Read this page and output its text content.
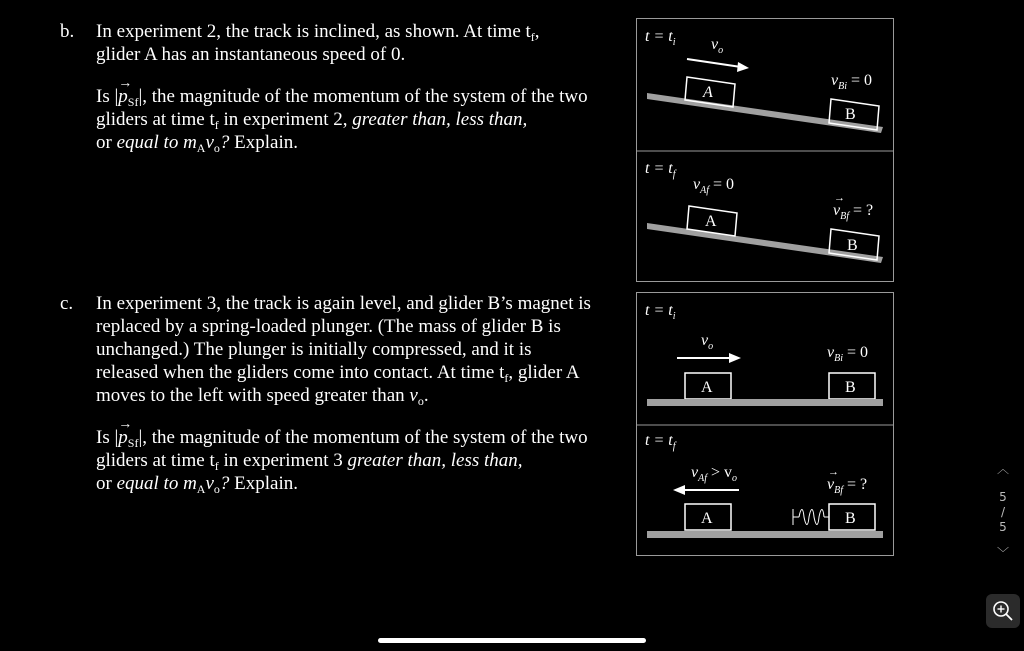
b. In experiment 2, the track is inclined, as shown. At time $t_f$,
glider A has an instantaneous speed of 0.

Is |→ $p_{Sf}|$, the magnitude of the momentum of the system of the two gliders at time $t_f$ in experiment 2, greater than, less than,
or equal to $m_Av_o$? Explain.

c. In experiment 3, the track is again level, and glider B’s magnet is replaced by a spring-loaded plunger. (The mass of glider B is unchanged.) The plunger is initially compressed, and it is released when the gliders come into contact. At time $t_f$, glider A moves to the left with speed greater than $v_o$.

Is |→ $p_{Sf}|$, the magnitude of the momentum of the system of the two gliders at time $t_f$ in experiment 3 greater than, less than,
or equal to $m_Av_o$? Explain.

$t = t_i$ $v_o$
A
$v_{Bi} = 0$
B
$t = t_f$
$v_{Af} = 0$
A
$v_{Bf}$ = ?
→
B
$t = t_i$
$v_o$
A
$v_{Bi} = 0$
B
$t = t_f$
$v_{Af} > v_o$
A
$v_{Bf}$ = ?
→
B
︿
5
/
5
﹀
